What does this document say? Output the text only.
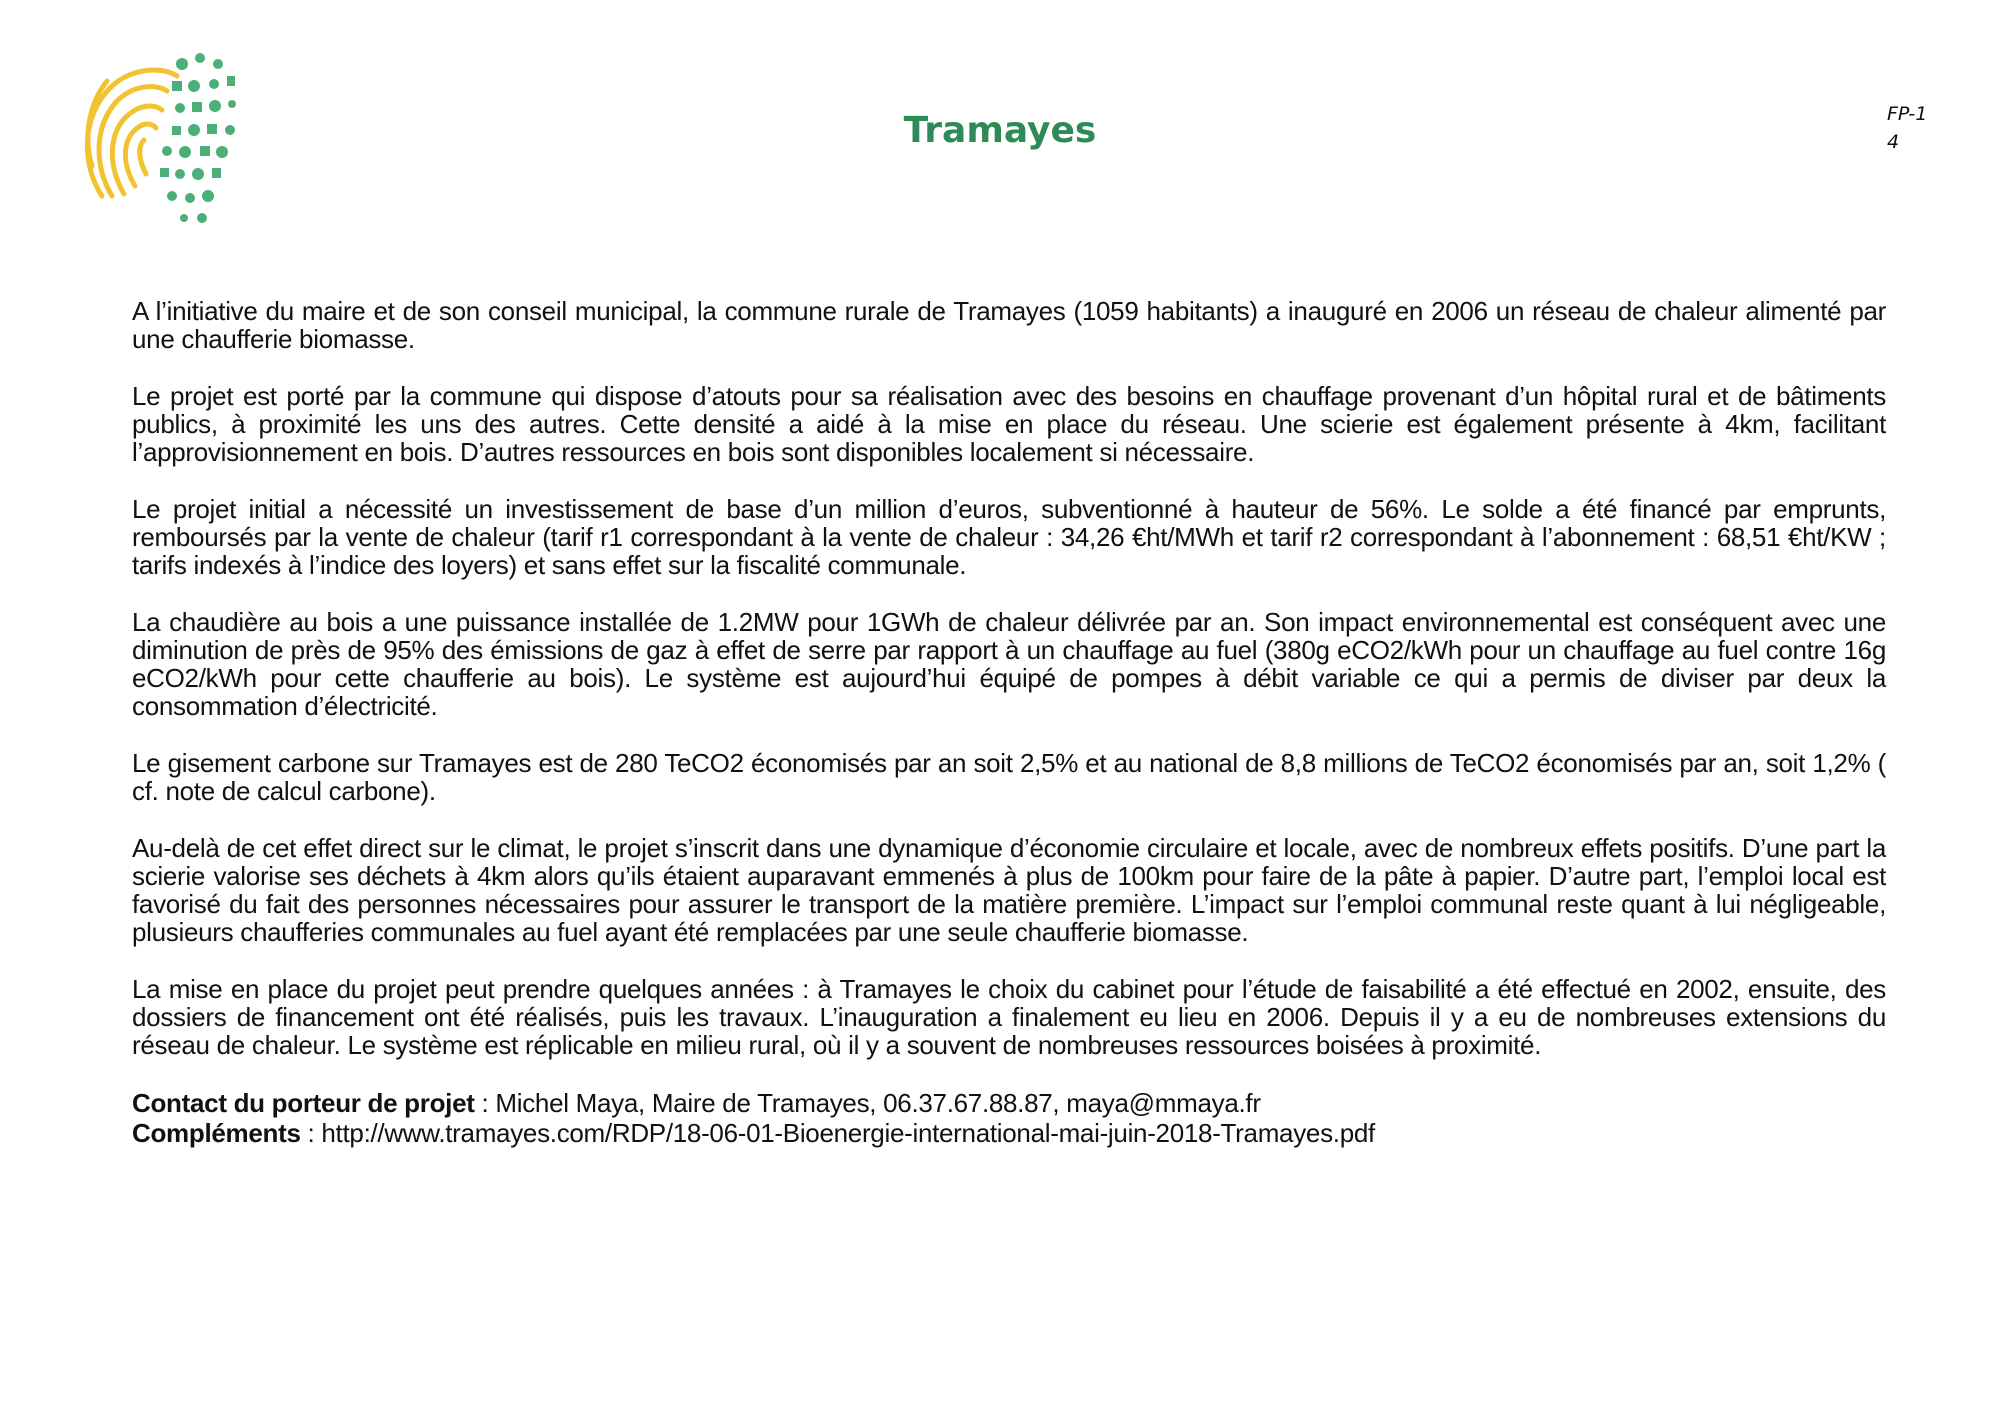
Tramayes	FP-1
4

A l’initiative du maire et de son conseil municipal, la commune rurale de Tramayes (1059 habitants) a inauguré en 2006 un réseau de chaleur alimenté par une chaufferie biomasse.

Le projet est porté par la commune qui dispose d’atouts pour sa réalisation avec des besoins en chauffage provenant d’un hôpital rural et de bâtiments publics, à proximité les uns des autres. Cette densité a aidé à la mise en place du réseau. Une scierie est également présente à 4km, facilitant l’approvisionnement en bois. D’autres ressources en bois sont disponibles localement si nécessaire.

Le projet initial a nécessité un investissement de base d’un million d’euros, subventionné à hauteur de 56%. Le solde a été financé par emprunts, remboursés par la vente de chaleur (tarif r1 correspondant à la vente de chaleur : 34,26 €ht/MWh et tarif r2 correspondant à l’abonnement : 68,51 €ht/KW ; tarifs indexés à l’indice des loyers) et sans effet sur la fiscalité communale.

La chaudière au bois a une puissance installée de 1.2MW pour 1GWh de chaleur délivrée par an. Son impact environnemental est conséquent avec une diminution de près de 95% des émissions de gaz à effet de serre par rapport à un chauffage au fuel (380g eCO2/kWh pour un chauffage au fuel contre 16g eCO2/kWh pour cette chaufferie au bois). Le système est aujourd’hui équipé de pompes à débit variable ce qui a permis de diviser par deux la consommation d’électricité.

Le gisement carbone sur Tramayes est de 280 TeCO2 économisés par an soit 2,5% et au national de 8,8 millions de TeCO2 économisés par an, soit 1,2% ( cf. note de calcul carbone).

Au-delà de cet effet direct sur le climat, le projet s’inscrit dans une dynamique d’économie circulaire et locale, avec de nombreux effets positifs. D’une part la scierie valorise ses déchets à 4km alors qu’ils étaient auparavant emmenés à plus de 100km pour faire de la pâte à papier. D’autre part, l’emploi local est favorisé du fait des personnes nécessaires pour assurer le transport de la matière première. L’impact sur l’emploi communal reste quant à lui négligeable, plusieurs chaufferies communales au fuel ayant été remplacées par une seule chaufferie biomasse.

La mise en place du projet peut prendre quelques années : à Tramayes le choix du cabinet pour l’étude de faisabilité a été effectué en 2002, ensuite, des dossiers de financement ont été réalisés, puis les travaux. L’inauguration a finalement eu lieu en 2006. Depuis il y a eu de nombreuses extensions du réseau de chaleur. Le système est réplicable en milieu rural, où il y a souvent de nombreuses ressources boisées à proximité.

Contact du porteur de projet : Michel Maya, Maire de Tramayes, 06.37.67.88.87, maya@mmaya.fr
Compléments : http://www.tramayes.com/RDP/18-06-01-Bioenergie-international-mai-juin-2018-Tramayes.pdf
